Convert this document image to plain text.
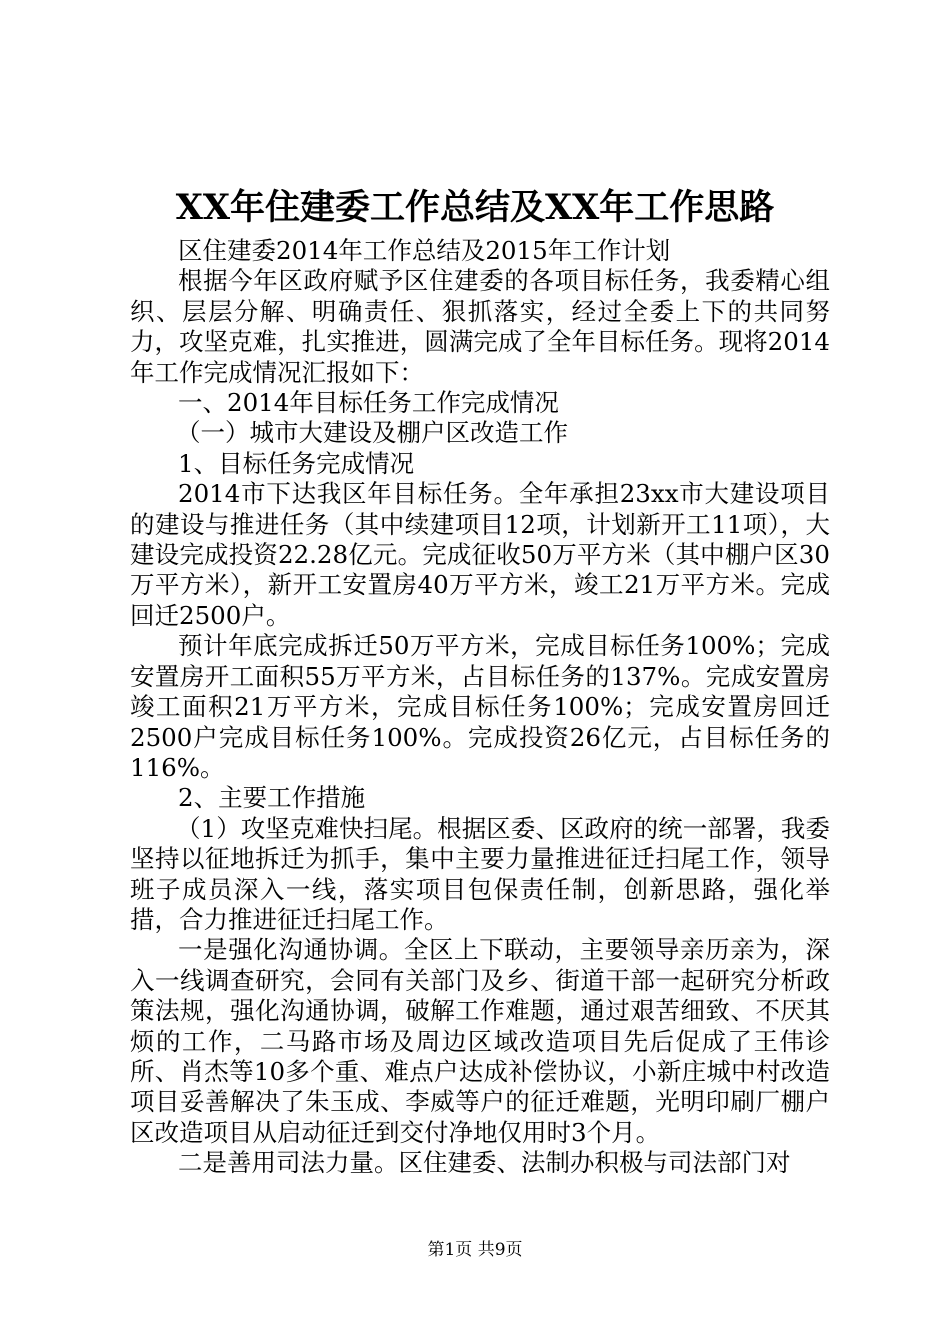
XX年住建委工作总结及XX年工作思路

区住建委2014年工作总结及2015年工作计划

根据今年区政府赋予区住建委的各项目标任务，我委精心组织、层层分解、明确责任、狠抓落实，经过全委上下的共同努力，攻坚克难，扎实推进，圆满完成了全年目标任务。现将2014年工作完成情况汇报如下：

一、2014年目标任务工作完成情况

（一）城市大建设及棚户区改造工作

1、目标任务完成情况

2014市下达我区年目标任务。全年承担23xx市大建设项目的建设与推进任务（其中续建项目12项，计划新开工11项），大建设完成投资22.28亿元。完成征收50万平方米（其中棚户区30万平方米），新开工安置房40万平方米，竣工21万平方米。完成回迁2500户。

预计年底完成拆迁50万平方米，完成目标任务100%；完成安置房开工面积55万平方米，占目标任务的137%。完成安置房竣工面积21万平方米，完成目标任务100%；完成安置房回迁2500户完成目标任务100%。完成投资26亿元，占目标任务的116%。

2、主要工作措施

（1）攻坚克难快扫尾。根据区委、区政府的统一部署，我委坚持以征地拆迁为抓手，集中主要力量推进征迁扫尾工作，领导班子成员深入一线，落实项目包保责任制，创新思路，强化举措，合力推进征迁扫尾工作。

一是强化沟通协调。全区上下联动，主要领导亲历亲为，深入一线调查研究，会同有关部门及乡、街道干部一起研究分析政策法规，强化沟通协调，破解工作难题，通过艰苦细致、不厌其烦的工作，二马路市场及周边区域改造项目先后促成了王伟诊所、肖杰等10多个重、难点户达成补偿协议，小新庄城中村改造项目妥善解决了朱玉成、李威等户的征迁难题，光明印刷厂棚户区改造项目从启动征迁到交付净地仅用时3个月。

二是善用司法力量。区住建委、法制办积极与司法部门对

第1页 共9页
